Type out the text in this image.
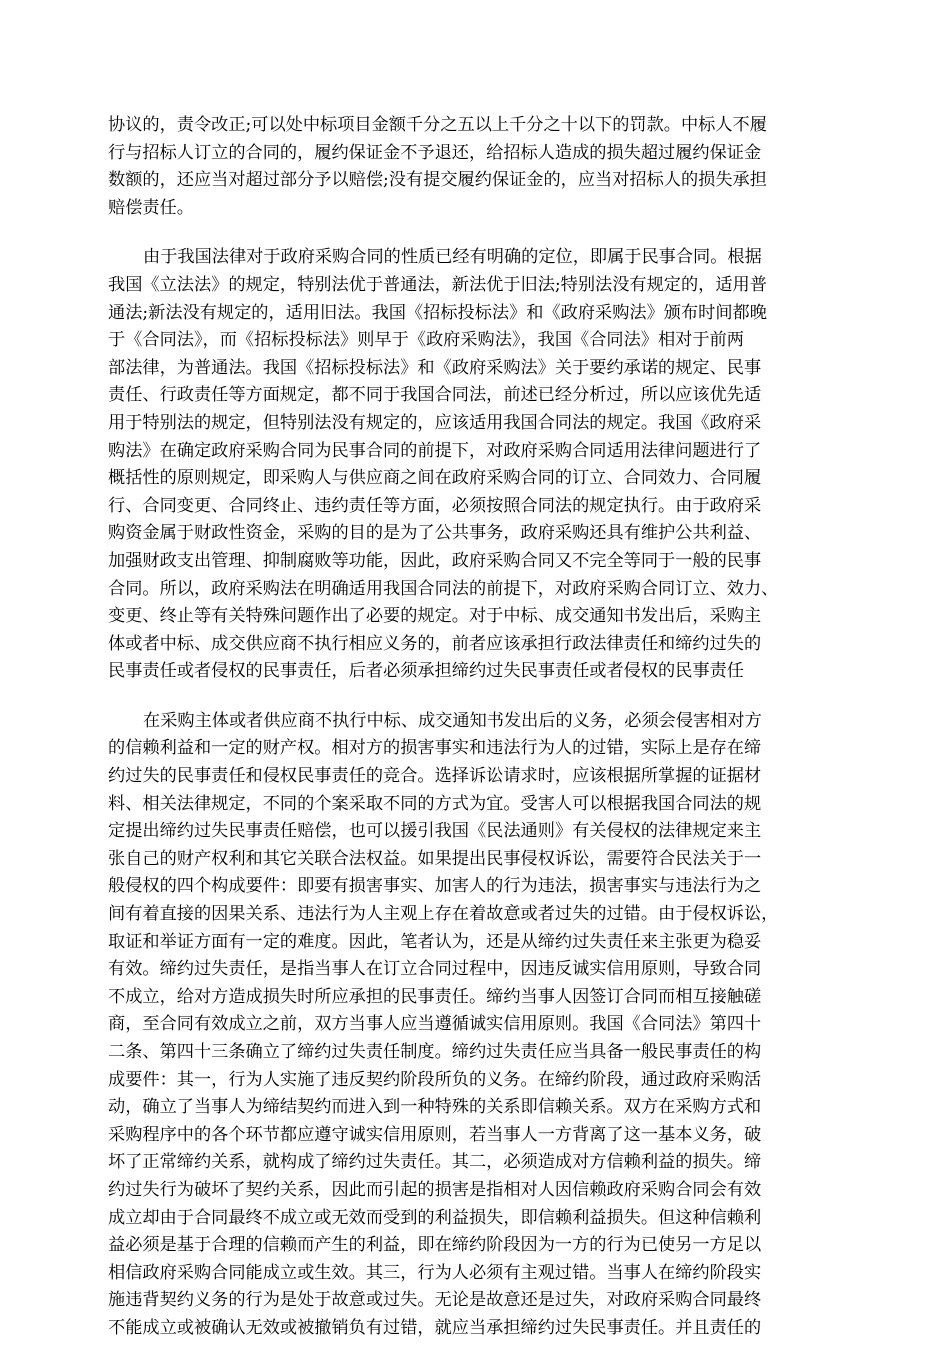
协议的，责令改正;可以处中标项目金额千分之五以上千分之十以下的罚款。中标人不履
行与招标人订立的合同的，履约保证金不予退还，给招标人造成的损失超过履约保证金
数额的，还应当对超过部分予以赔偿;没有提交履约保证金的，应当对招标人的损失承担
赔偿责任。
由于我国法律对于政府采购合同的性质已经有明确的定位，即属于民事合同。根据
我国《立法法》的规定，特别法优于普通法，新法优于旧法;特别法没有规定的，适用普
通法;新法没有规定的，适用旧法。我国《招标投标法》和《政府采购法》颁布时间都晚
于《合同法》，而《招标投标法》则早于《政府采购法》，我国《合同法》相对于前两
部法律，为普通法。我国《招标投标法》和《政府采购法》关于要约承诺的规定、民事
责任、行政责任等方面规定，都不同于我国合同法，前述已经分析过，所以应该优先适
用于特别法的规定，但特别法没有规定的，应该适用我国合同法的规定。我国《政府采
购法》在确定政府采购合同为民事合同的前提下，对政府采购合同适用法律问题进行了
概括性的原则规定，即采购人与供应商之间在政府采购合同的订立、合同效力、合同履
行、合同变更、合同终止、违约责任等方面，必须按照合同法的规定执行。由于政府采
购资金属于财政性资金，采购的目的是为了公共事务，政府采购还具有维护公共利益、
加强财政支出管理、抑制腐败等功能，因此，政府采购合同又不完全等同于一般的民事
合同。所以，政府采购法在明确适用我国合同法的前提下，对政府采购合同订立、效力、
变更、终止等有关特殊问题作出了必要的规定。对于中标、成交通知书发出后，采购主
体或者中标、成交供应商不执行相应义务的，前者应该承担行政法律责任和缔约过失的
民事责任或者侵权的民事责任，后者必须承担缔约过失民事责任或者侵权的民事责任
在采购主体或者供应商不执行中标、成交通知书发出后的义务，必须会侵害相对方
的信赖利益和一定的财产权。相对方的损害事实和违法行为人的过错，实际上是存在缔
约过失的民事责任和侵权民事责任的竞合。选择诉讼请求时，应该根据所掌握的证据材
料、相关法律规定，不同的个案采取不同的方式为宜。受害人可以根据我国合同法的规
定提出缔约过失民事责任赔偿，也可以援引我国《民法通则》有关侵权的法律规定来主
张自己的财产权利和其它关联合法权益。如果提出民事侵权诉讼，需要符合民法关于一
般侵权的四个构成要件：即要有损害事实、加害人的行为违法，损害事实与违法行为之
间有着直接的因果关系、违法行为人主观上存在着故意或者过失的过错。由于侵权诉讼，
取证和举证方面有一定的难度。因此，笔者认为，还是从缔约过失责任来主张更为稳妥
有效。缔约过失责任，是指当事人在订立合同过程中，因违反诚实信用原则，导致合同
不成立，给对方造成损失时所应承担的民事责任。缔约当事人因签订合同而相互接触磋
商，至合同有效成立之前，双方当事人应当遵循诚实信用原则。我国《合同法》第四十
二条、第四十三条确立了缔约过失责任制度。缔约过失责任应当具备一般民事责任的构
成要件：其一，行为人实施了违反契约阶段所负的义务。在缔约阶段，通过政府采购活
动，确立了当事人为缔结契约而进入到一种特殊的关系即信赖关系。双方在采购方式和
采购程序中的各个环节都应遵守诚实信用原则，若当事人一方背离了这一基本义务，破
坏了正常缔约关系，就构成了缔约过失责任。其二，必须造成对方信赖利益的损失。缔
约过失行为破坏了契约关系，因此而引起的损害是指相对人因信赖政府采购合同会有效
成立却由于合同最终不成立或无效而受到的利益损失，即信赖利益损失。但这种信赖利
益必须是基于合理的信赖而产生的利益，即在缔约阶段因为一方的行为已使另一方足以
相信政府采购合同能成立或生效。其三，行为人必须有主观过错。当事人在缔约阶段实
施违背契约义务的行为是处于故意或过失。无论是故意还是过失，对政府采购合同最终
不能成立或被确认无效或被撤销负有过错，就应当承担缔约过失民事责任。并且责任的
